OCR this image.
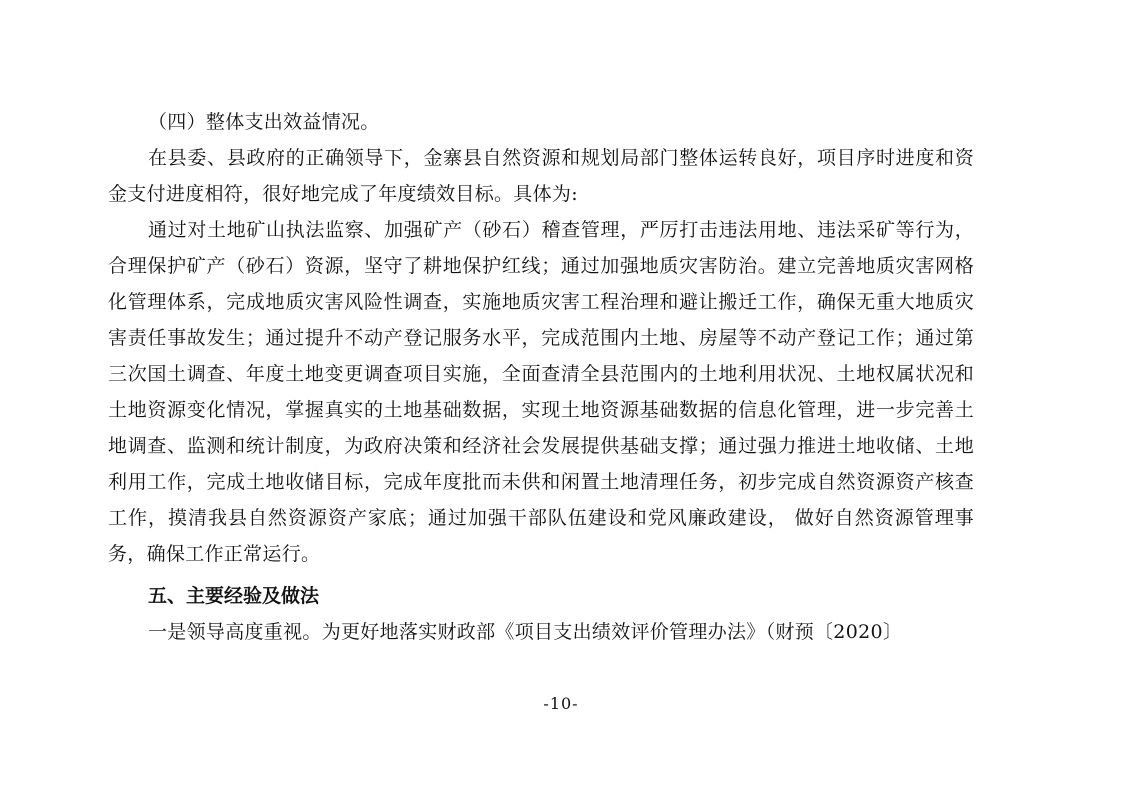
（四）整体支出效益情况。

在县委、县政府的正确领导下，金寨县自然资源和规划局部门整体运转良好，项目序时进度和资金支付进度相符，很好地完成了年度绩效目标。具体为:

通过对土地矿山执法监察、加强矿产（砂石）稽查管理，严厉打击违法用地、违法采矿等行为，合理保护矿产（砂石）资源，坚守了耕地保护红线；通过加强地质灾害防治。建立完善地质灾害网格化管理体系，完成地质灾害风险性调查，实施地质灾害工程治理和避让搬迁工作，确保无重大地质灾害责任事故发生；通过提升不动产登记服务水平，完成范围内土地、房屋等不动产登记工作；通过第三次国土调查、年度土地变更调查项目实施，全面查清全县范围内的土地利用状况、土地权属状况和土地资源变化情况，掌握真实的土地基础数据，实现土地资源基础数据的信息化管理，进一步完善土地调查、监测和统计制度，为政府决策和经济社会发展提供基础支撑；通过强力推进土地收储、土地利用工作，完成土地收储目标，完成年度批而未供和闲置土地清理任务，初步完成自然资源资产核查工作，摸清我县自然资源资产家底；通过加强干部队伍建设和党风廉政建设， 做好自然资源管理事务，确保工作正常运行。

五、主要经验及做法

一是领导高度重视。为更好地落实财政部《项目支出绩效评价管理办法》（财预〔2020〕

-10-
